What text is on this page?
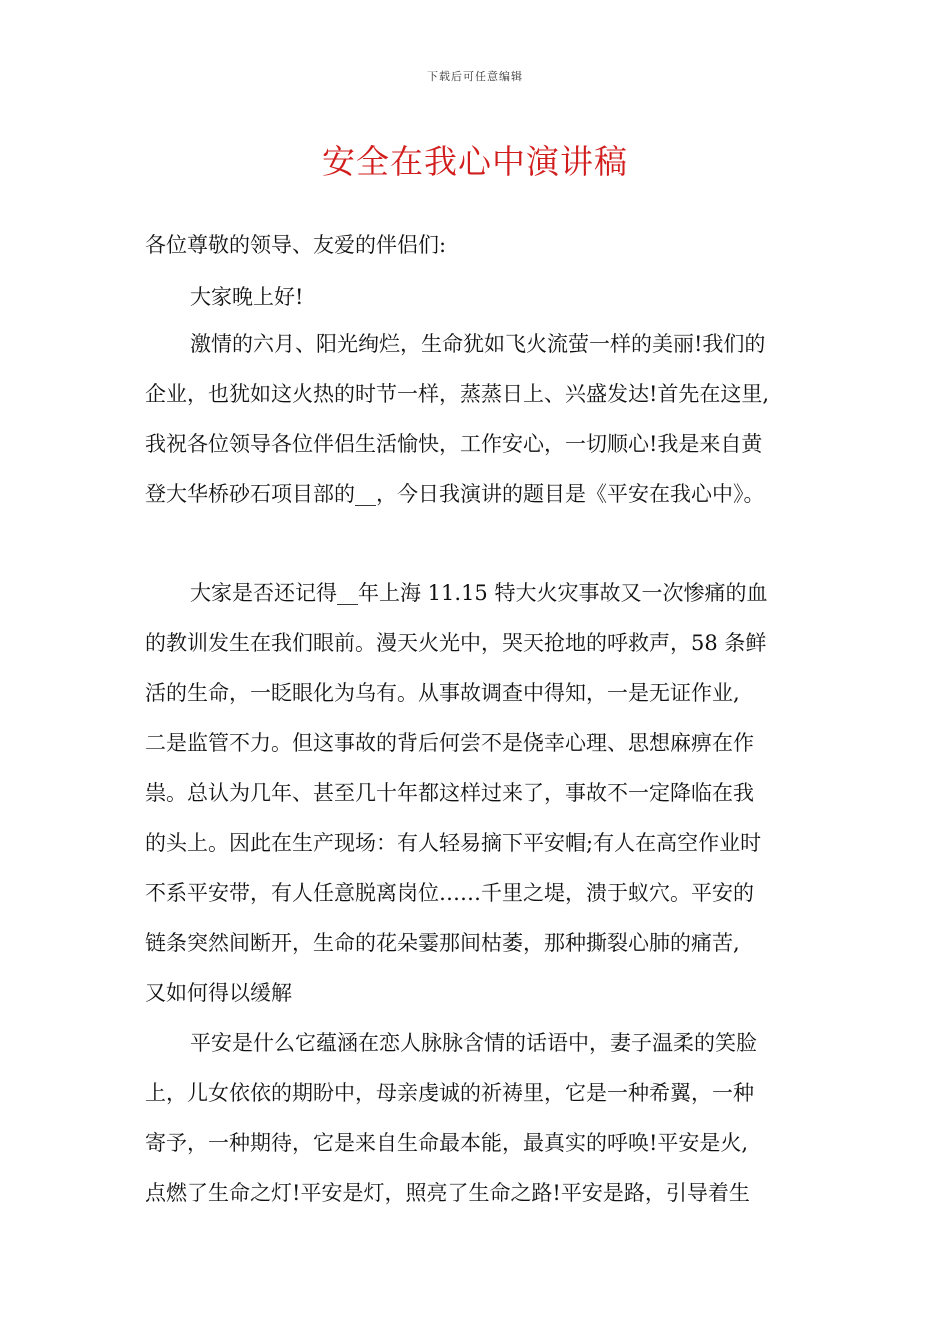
下载后可任意编辑
安全在我心中演讲稿
各位尊敬的领导、友爱的伴侣们:
大家晚上好!
激情的六月、阳光绚烂，生命犹如飞火流萤一样的美丽!我们的
企业，也犹如这火热的时节一样，蒸蒸日上、兴盛发达!首先在这里,
我祝各位领导各位伴侣生活愉快，工作安心，一切顺心!我是来自黄
登大华桥砂石项目部的__，今日我演讲的题目是《平安在我心中》。
大家是否还记得__年上海 11.15 特大火灾事故又一次惨痛的血
的教训发生在我们眼前。漫天火光中，哭天抢地的呼救声，58 条鲜
活的生命，一眨眼化为乌有。从事故调查中得知，一是无证作业,
二是监管不力。但这事故的背后何尝不是侥幸心理、思想麻痹在作
祟。总认为几年、甚至几十年都这样过来了，事故不一定降临在我
的头上。因此在生产现场：有人轻易摘下平安帽;有人在高空作业时
不系平安带，有人任意脱离岗位……千里之堤，溃于蚁穴。平安的
链条突然间断开，生命的花朵霎那间枯萎，那种撕裂心肺的痛苦,
又如何得以缓解
平安是什么它蕴涵在恋人脉脉含情的话语中，妻子温柔的笑脸
上，儿女依依的期盼中，母亲虔诚的祈祷里，它是一种希翼，一种
寄予，一种期待，它是来自生命最本能，最真实的呼唤!平安是火,
点燃了生命之灯!平安是灯，照亮了生命之路!平安是路，引导着生
